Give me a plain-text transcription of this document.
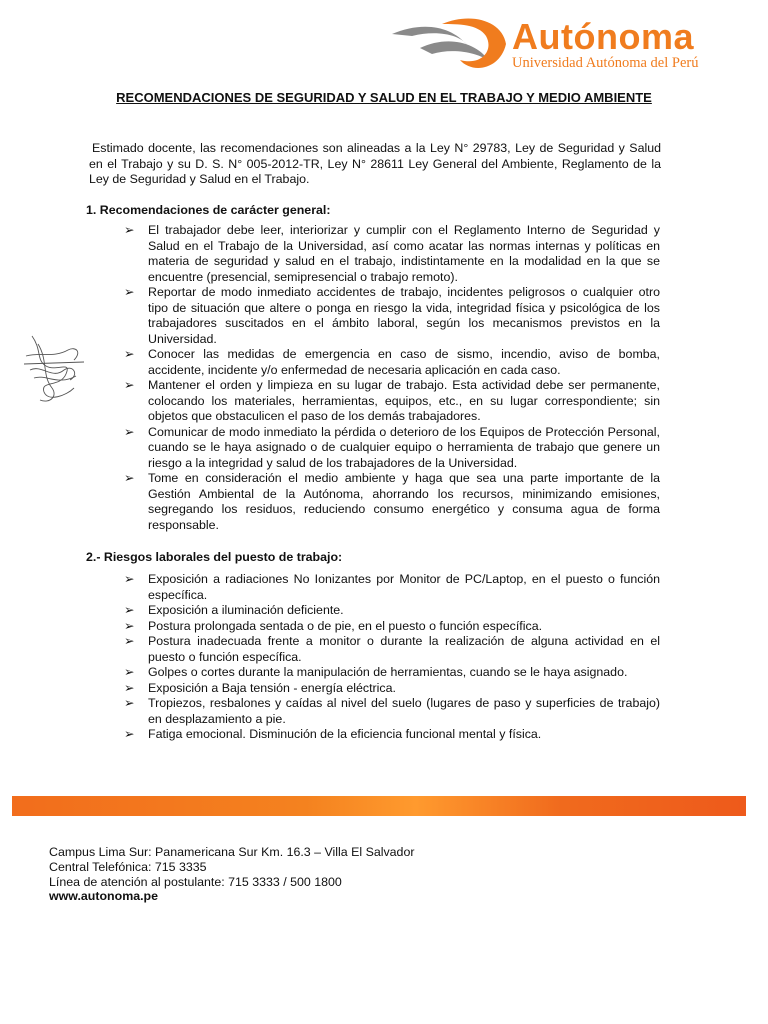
Autónoma
Universidad Autónoma del Perú
RECOMENDACIONES DE SEGURIDAD Y SALUD EN EL TRABAJO Y MEDIO AMBIENTE

Estimado docente, las recomendaciones son alineadas a la Ley N° 29783, Ley de Seguridad y Salud en el Trabajo y su D. S. N° 005-2012-TR, Ley N° 28611 Ley General del Ambiente, Reglamento de la Ley de Seguridad y Salud en el Trabajo.

1. Recomendaciones de carácter general:

➢ El trabajador debe leer, interiorizar y cumplir con el Reglamento Interno de Seguridad y Salud en el Trabajo de la Universidad, así como acatar las normas internas y políticas en materia de seguridad y salud en el trabajo, indistintamente en la modalidad en la que se encuentre (presencial, semipresencial o trabajo remoto).
➢ Reportar de modo inmediato accidentes de trabajo, incidentes peligrosos o cualquier otro tipo de situación que altere o ponga en riesgo la vida, integridad física y psicológica de los trabajadores suscitados en el ámbito laboral, según los mecanismos previstos en la Universidad.
➢ Conocer las medidas de emergencia en caso de sismo, incendio, aviso de bomba, accidente, incidente y/o enfermedad de necesaria aplicación en cada caso.
➢ Mantener el orden y limpieza en su lugar de trabajo. Esta actividad debe ser permanente, colocando los materiales, herramientas, equipos, etc., en su lugar correspondiente; sin objetos que obstaculicen el paso de los demás trabajadores.
➢ Comunicar de modo inmediato la pérdida o deterioro de los Equipos de Protección Personal, cuando se le haya asignado o de cualquier equipo o herramienta de trabajo que genere un riesgo a la integridad y salud de los trabajadores de la Universidad.
➢ Tome en consideración el medio ambiente y haga que sea una parte importante de la Gestión Ambiental de la Autónoma, ahorrando los recursos, minimizando emisiones, segregando los residuos, reduciendo consumo energético y consuma agua de forma responsable.

2.- Riesgos laborales del puesto de trabajo:

➢ Exposición a radiaciones No Ionizantes por Monitor de PC/Laptop, en el puesto o función específica.
➢ Exposición a iluminación deficiente.
➢ Postura prolongada sentada o de pie, en el puesto o función específica.
➢ Postura inadecuada frente a monitor o durante la realización de alguna actividad en el puesto o función específica.
➢ Golpes o cortes durante la manipulación de herramientas, cuando se le haya asignado.
➢ Exposición a Baja tensión - energía eléctrica.
➢ Tropiezos, resbalones y caídas al nivel del suelo (lugares de paso y superficies de trabajo) en desplazamiento a pie.
➢ Fatiga emocional. Disminución de la eficiencia funcional mental y física.
Campus Lima Sur: Panamericana Sur Km. 16.3 – Villa El Salvador
Central Telefónica: 715 3335
Línea de atención al postulante: 715 3333 / 500 1800
www.autonoma.pe
